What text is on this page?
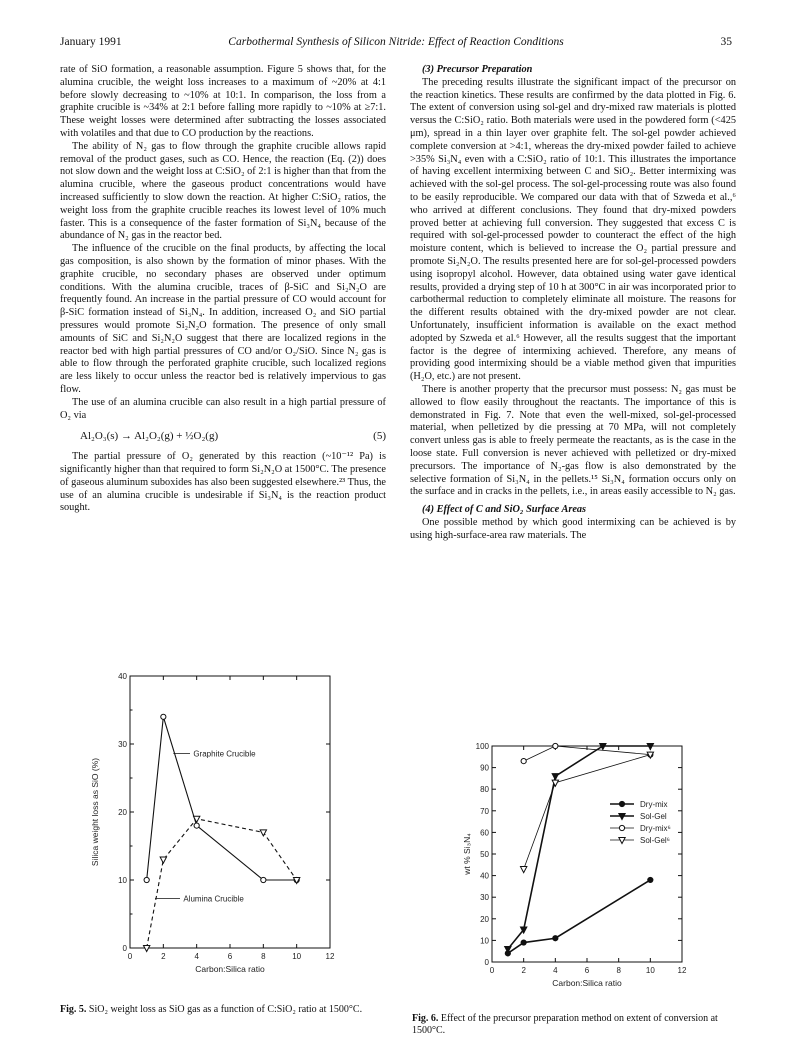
January 1991	Carbothermal Synthesis of Silicon Nitride: Effect of Reaction Conditions	35

rate of SiO formation, a reasonable assumption. Figure 5 shows that, for the alumina crucible, the weight loss increases to a maximum of ~20% at 4:1 before slowly decreasing to ~10% at 10:1. In comparison, the loss from a graphite crucible is ~34% at 2:1 before falling more rapidly to ~10% at ≥7:1. These weight losses were determined after subtracting the losses associated with volatiles and that due to CO production by the reactions.

The ability of N₂ gas to flow through the graphite crucible allows rapid removal of the product gases, such as CO. Hence, the reaction (Eq. (2)) does not slow down and the weight loss at C:SiO₂ of 2:1 is higher than that from the alumina crucible, where the gaseous product concentrations would have increased sufficiently to slow down the reaction. At higher C:SiO₂ ratios, the weight loss from the graphite crucible reaches its lowest level of 10% much faster. This is a consequence of the faster formation of Si₃N₄ because of the abundance of N₂ gas in the reactor bed.

The influence of the crucible on the final products, by affecting the local gas composition, is also shown by the formation of minor phases. With the graphite crucible, no secondary phases are observed under optimum conditions. With the alumina crucible, traces of β-SiC and Si₂N₂O are frequently found. An increase in the partial pressure of CO would account for β-SiC formation instead of Si₃N₄. In addition, increased O₂ and SiO partial pressures would promote Si₂N₂O formation. The presence of only small amounts of SiC and Si₂N₂O suggest that there are localized regions in the reactor bed with high partial pressures of CO and/or O₂/SiO. Since N₂ gas is able to flow through the perforated graphite crucible, such localized regions are less likely to occur unless the reactor bed is relatively impervious to gas flow.

The use of an alumina crucible can also result in a high partial pressure of O₂ via

Al₂O₃(s) → Al₂O₂(g) + ½O₂(g)	(5)

The partial pressure of O₂ generated by this reaction (~10⁻¹² Pa) is significantly higher than that required to form Si₂N₂O at 1500°C. The presence of gaseous aluminum suboxides has also been suggested elsewhere.²³ Thus, the use of an alumina crucible is undesirable if Si₃N₄ is the reaction product sought.

(3) Precursor Preparation

The preceding results illustrate the significant impact of the precursor on the reaction kinetics. These results are confirmed by the data plotted in Fig. 6. The extent of conversion using sol-gel and dry-mixed raw materials is plotted versus the C:SiO₂ ratio. Both materials were used in the powdered form (<425 μm), spread in a thin layer over graphite felt. The sol-gel powder achieved complete conversion at >4:1, whereas the dry-mixed powder failed to achieve >35% Si₃N₄ even with a C:SiO₂ ratio of 10:1. This illustrates the importance of having excellent intermixing between C and SiO₂. Better intermixing was achieved with the sol-gel process. The sol-gel-processing route was also found to be easily reproducible. We compared our data with that of Szweda et al.,⁶ who arrived at different conclusions. They found that dry-mixed powders proved better at achieving full conversion. They suggested that excess C is required with sol-gel-processed powder to counteract the effect of the high moisture content, which is believed to increase the O₂ partial pressure and promote Si₂N₂O. The results presented here are for sol-gel-processed powders using isopropyl alcohol. However, data obtained using water gave identical results, provided a drying step of 10 h at 300°C in air was incorporated prior to carbothermal reduction to completely eliminate all moisture. The reasons for the different results obtained with the dry-mixed powder are not clear. Unfortunately, insufficient information is available on the exact method adopted by Szweda et al.⁶ However, all the results suggest that the important factor is the degree of intermixing achieved. Therefore, any means of providing good intermixing should be a viable method given that impurities (H₂O, etc.) are not present.

There is another property that the precursor must possess: N₂ gas must be allowed to flow easily throughout the reactants. The importance of this is demonstrated in Fig. 7. Note that even the well-mixed, sol-gel-processed material, when pelletized by die pressing at 70 MPa, will not completely convert unless gas is able to freely permeate the reactants, as is the case in the loose state. Full conversion is never achieved with pelletized or dry-mixed precursors. The importance of N₂-gas flow is also demonstrated by the selective formation of Si₃N₄ in the pellets.¹⁵ Si₃N₄ formation occurs only on the surface and in cracks in the pellets, i.e., in areas easily accessible to N₂ gas.

(4) Effect of C and SiO₂ Surface Areas

One possible method by which good intermixing can be achieved is by using high-surface-area raw materials. The

0	2	4	6	8	10	12
0
10
20
30
40
Carbon:Silica ratio
Silica weight loss as SiO (%)
Graphite Crucible
Alumina Crucible
Fig. 5. SiO₂ weight loss as SiO gas as a function of C:SiO₂ ratio at 1500°C.
0	2	4	6	8	10	12
0
10
20
30
40
50
60
70
80
90
100
Carbon:Silica ratio
wt % Si₃N₄
Dry-mix
Sol-Gel
Dry-mix⁶
Sol-Gel⁶
Fig. 6. Effect of the precursor preparation method on extent of conversion at 1500°C.
